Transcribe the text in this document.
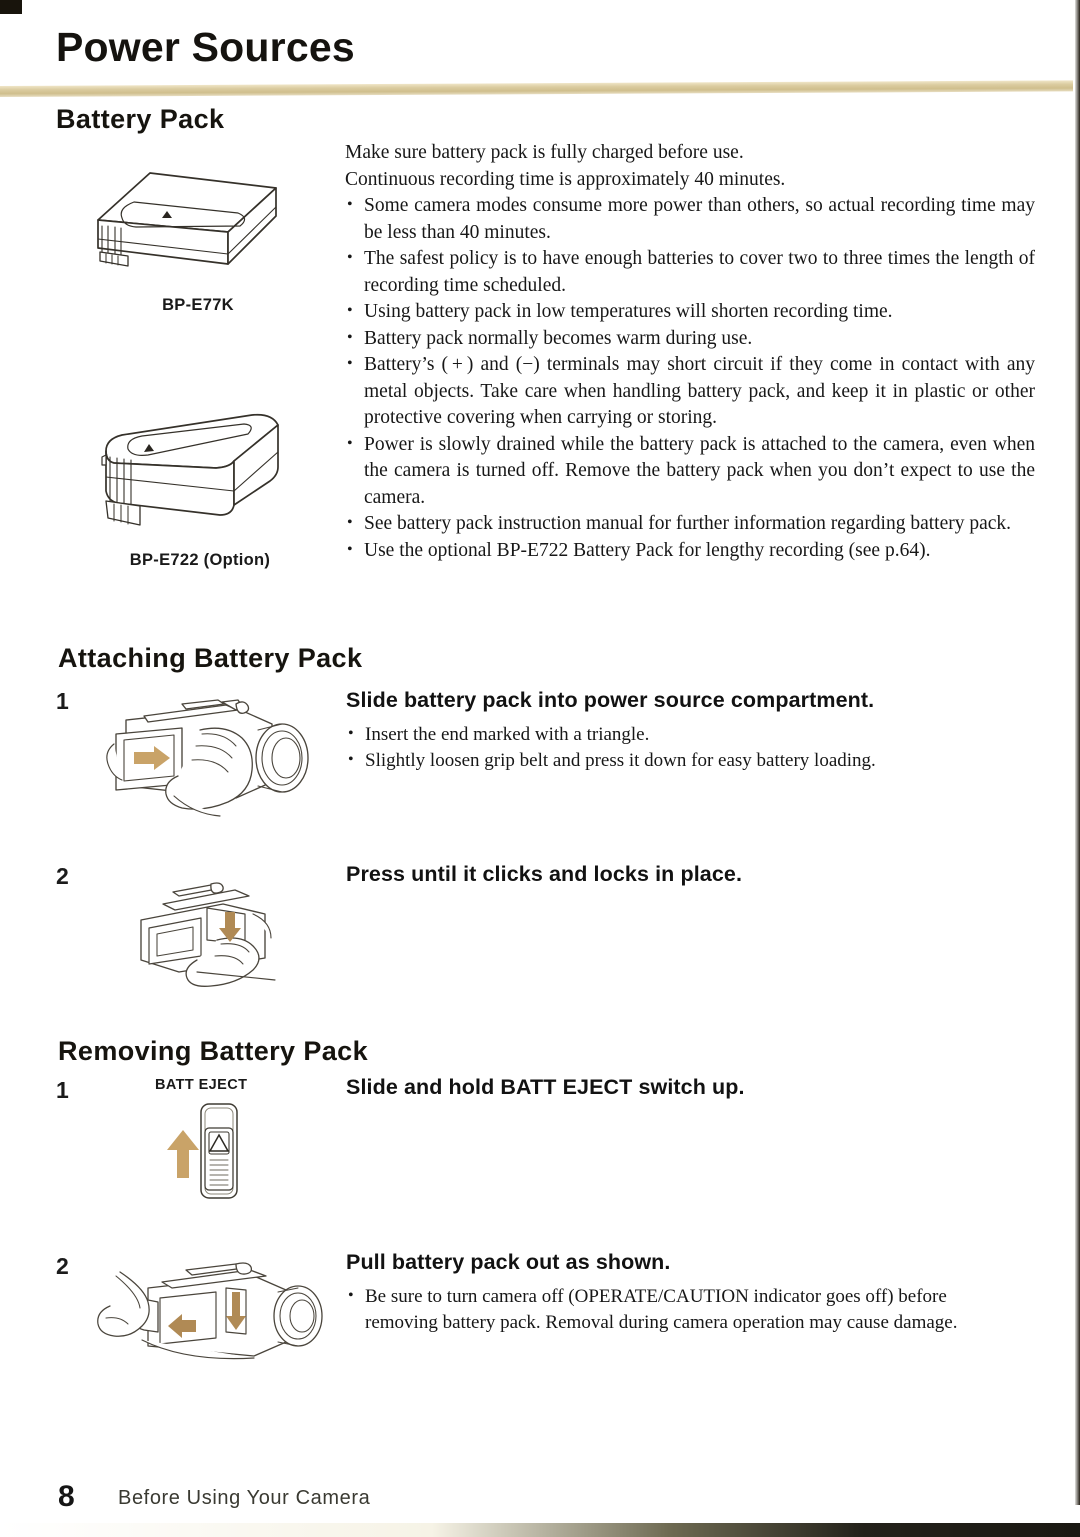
Power Sources
Battery Pack
BP-E77K
BP-E722 (Option)
Make sure battery pack is fully charged before use.
Continuous recording time is approximately 40 minutes.
• Some camera modes consume more power than others, so actual recording time may be less than 40 minutes.
• The safest policy is to have enough batteries to cover two to three times the length of recording time scheduled.
• Using battery pack in low temperatures will shorten recording time.
• Battery pack normally becomes warm during use.
• Battery’s ( + ) and (−) terminals may short circuit if they come in contact with any metal objects. Take care when handling battery pack, and keep it in plastic or other protective covering when carrying or storing.
• Power is slowly drained while the battery pack is attached to the camera, even when the camera is turned off. Remove the battery pack when you don’t expect to use the camera.
• See battery pack instruction manual for further information regarding battery pack.
• Use the optional BP-E722 Battery Pack for lengthy recording (see p.64).
Attaching Battery Pack
1	Slide battery pack into power source compartment.
• Insert the end marked with a triangle.
• Slightly loosen grip belt and press it down for easy battery loading.
2	Press until it clicks and locks in place.
Removing Battery Pack
1	BATT EJECT	Slide and hold BATT EJECT switch up.
2	Pull battery pack out as shown.
• Be sure to turn camera off (OPERATE/CAUTION indicator goes off) before removing battery pack. Removal during camera operation may cause damage.
8 Before Using Your Camera
